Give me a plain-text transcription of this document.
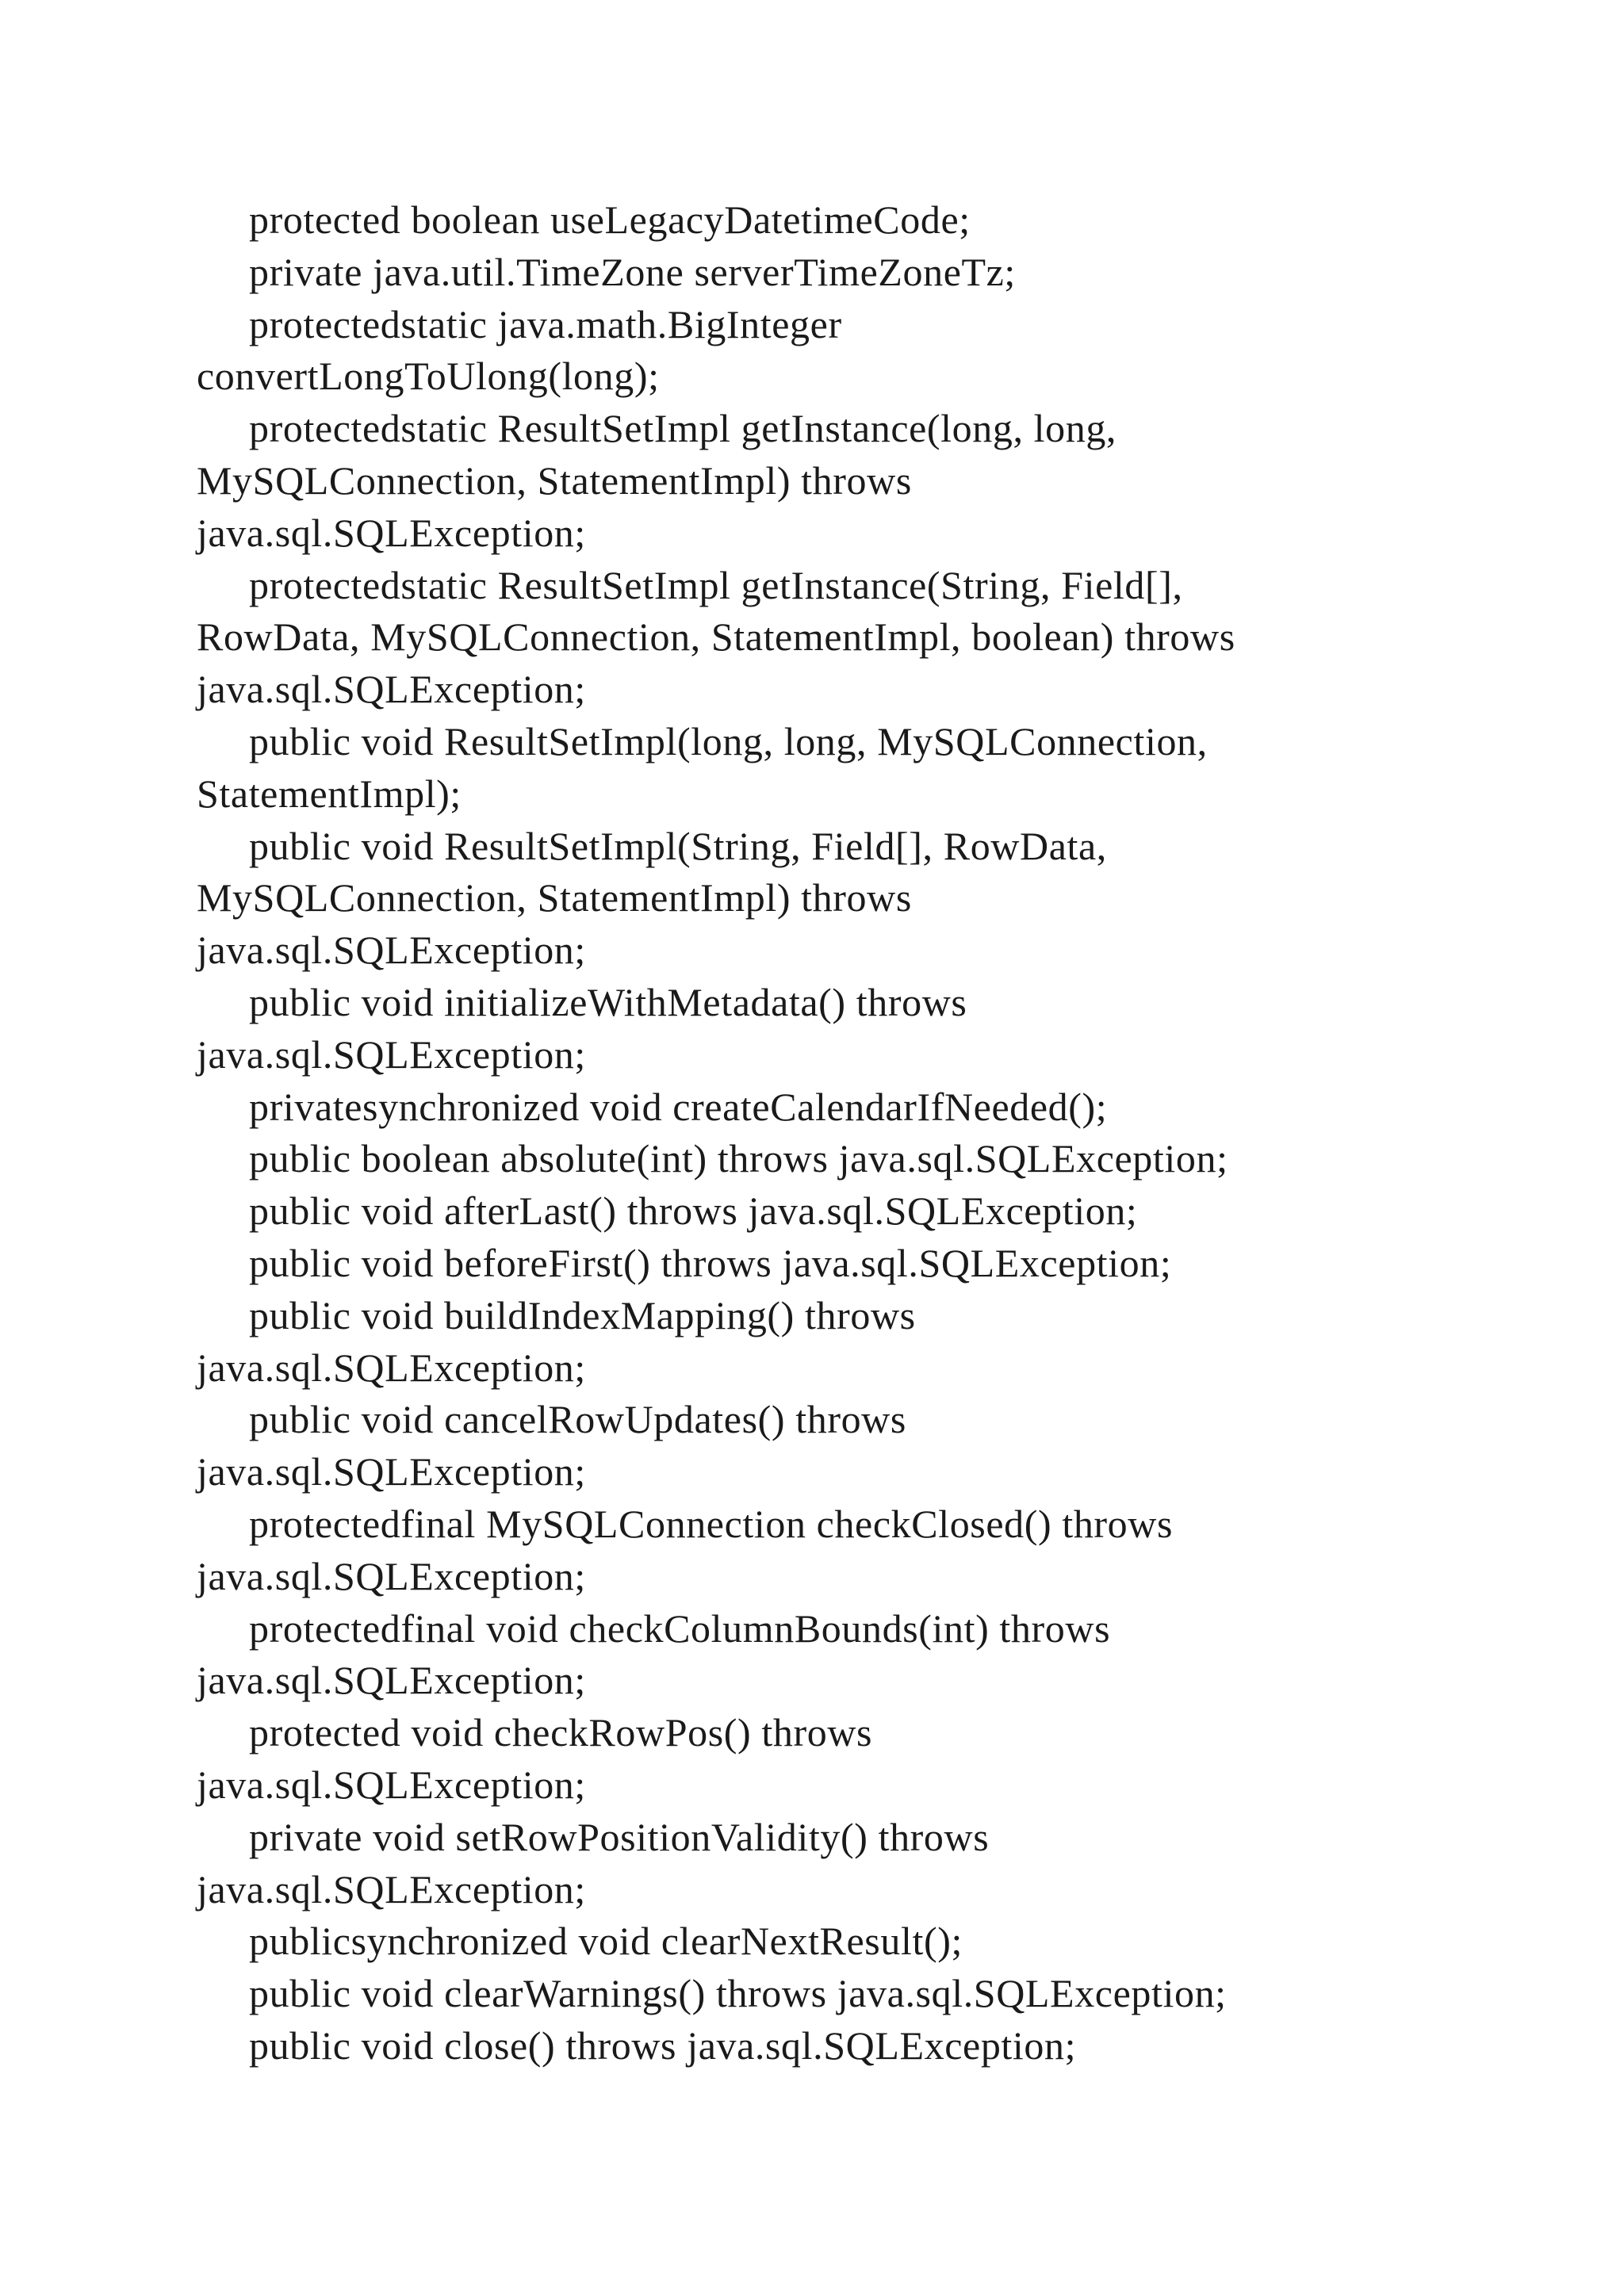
protected boolean useLegacyDatetimeCode;
private java.util.TimeZone serverTimeZoneTz;
protectedstatic java.math.BigInteger
convertLongToUlong(long);
protectedstatic ResultSetImpl getInstance(long, long,
MySQLConnection, StatementImpl) throws
java.sql.SQLException;
protectedstatic ResultSetImpl getInstance(String, Field[],
RowData, MySQLConnection, StatementImpl, boolean) throws
java.sql.SQLException;
public void ResultSetImpl(long, long, MySQLConnection,
StatementImpl);
public void ResultSetImpl(String, Field[], RowData,
MySQLConnection, StatementImpl) throws
java.sql.SQLException;
public void initializeWithMetadata() throws
java.sql.SQLException;
privatesynchronized void createCalendarIfNeeded();
public boolean absolute(int) throws java.sql.SQLException;
public void afterLast() throws java.sql.SQLException;
public void beforeFirst() throws java.sql.SQLException;
public void buildIndexMapping() throws
java.sql.SQLException;
public void cancelRowUpdates() throws
java.sql.SQLException;
protectedfinal MySQLConnection checkClosed() throws
java.sql.SQLException;
protectedfinal void checkColumnBounds(int) throws
java.sql.SQLException;
protected void checkRowPos() throws
java.sql.SQLException;
private void setRowPositionValidity() throws
java.sql.SQLException;
publicsynchronized void clearNextResult();
public void clearWarnings() throws java.sql.SQLException;
public void close() throws java.sql.SQLException;
